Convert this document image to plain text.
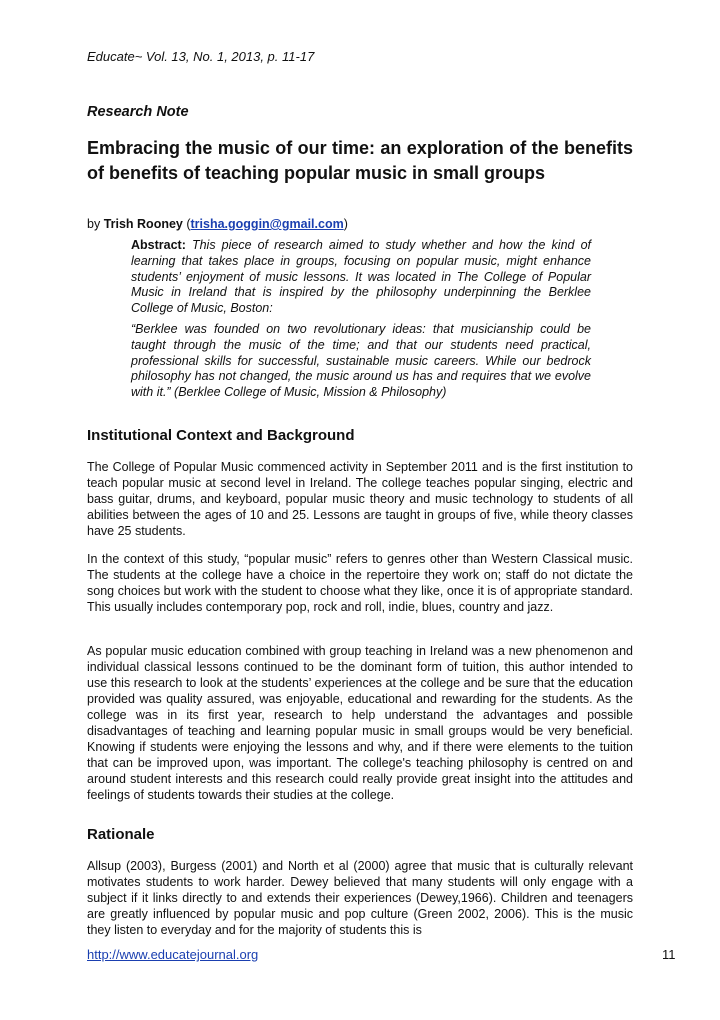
Educate~ Vol. 13, No. 1, 2013, p. 11-17
Research Note
Embracing the music of our time: an exploration of the benefits of benefits of teaching popular music in small groups
by Trish Rooney (trisha.goggin@gmail.com)

Abstract: This piece of research aimed to study whether and how the kind of learning that takes place in groups, focusing on popular music, might enhance students’ enjoyment of music lessons. It was located in The College of Popular Music in Ireland that is inspired by the philosophy underpinning the Berklee College of Music, Boston:

“Berklee was founded on two revolutionary ideas: that musicianship could be taught through the music of the time; and that our students need practical, professional skills for successful, sustainable music careers. While our bedrock philosophy has not changed, the music around us has and requires that we evolve with it.” (Berklee College of Music, Mission & Philosophy)

Institutional Context and Background

The College of Popular Music commenced activity in September 2011 and is the first institution to teach popular music at second level in Ireland. The college teaches popular singing, electric and bass guitar, drums, and keyboard, popular music theory and music technology to students of all abilities between the ages of 10 and 25. Lessons are taught in groups of five, while theory classes have 25 students.

In the context of this study, “popular music” refers to genres other than Western Classical music. The students at the college have a choice in the repertoire they work on; staff do not dictate the song choices but work with the student to choose what they like, once it is of appropriate standard. This usually includes contemporary pop, rock and roll, indie, blues, country and jazz.

As popular music education combined with group teaching in Ireland was a new phenomenon and individual classical lessons continued to be the dominant form of tuition, this author intended to use this research to look at the students’ experiences at the college and be sure that the education provided was quality assured, was enjoyable, educational and rewarding for the students. As the college was in its first year, research to help understand the advantages and possible disadvantages of teaching and learning popular music in small groups would be very beneficial. Knowing if students were enjoying the lessons and why, and if there were elements to the tuition that can be improved upon, was important. The college's teaching philosophy is centred on and around student interests and this research could really provide great insight into the attitudes and feelings of students towards their studies at the college.

Rationale

Allsup (2003), Burgess (2001) and North et al (2000) agree that music that is culturally relevant motivates students to work harder. Dewey believed that many students will only engage with a subject if it links directly to and extends their experiences (Dewey,1966). Children and teenagers are greatly influenced by popular music and pop culture (Green 2002, 2006). This is the music they listen to everyday and for the majority of students this is

http://www.educatejournal.org	11
